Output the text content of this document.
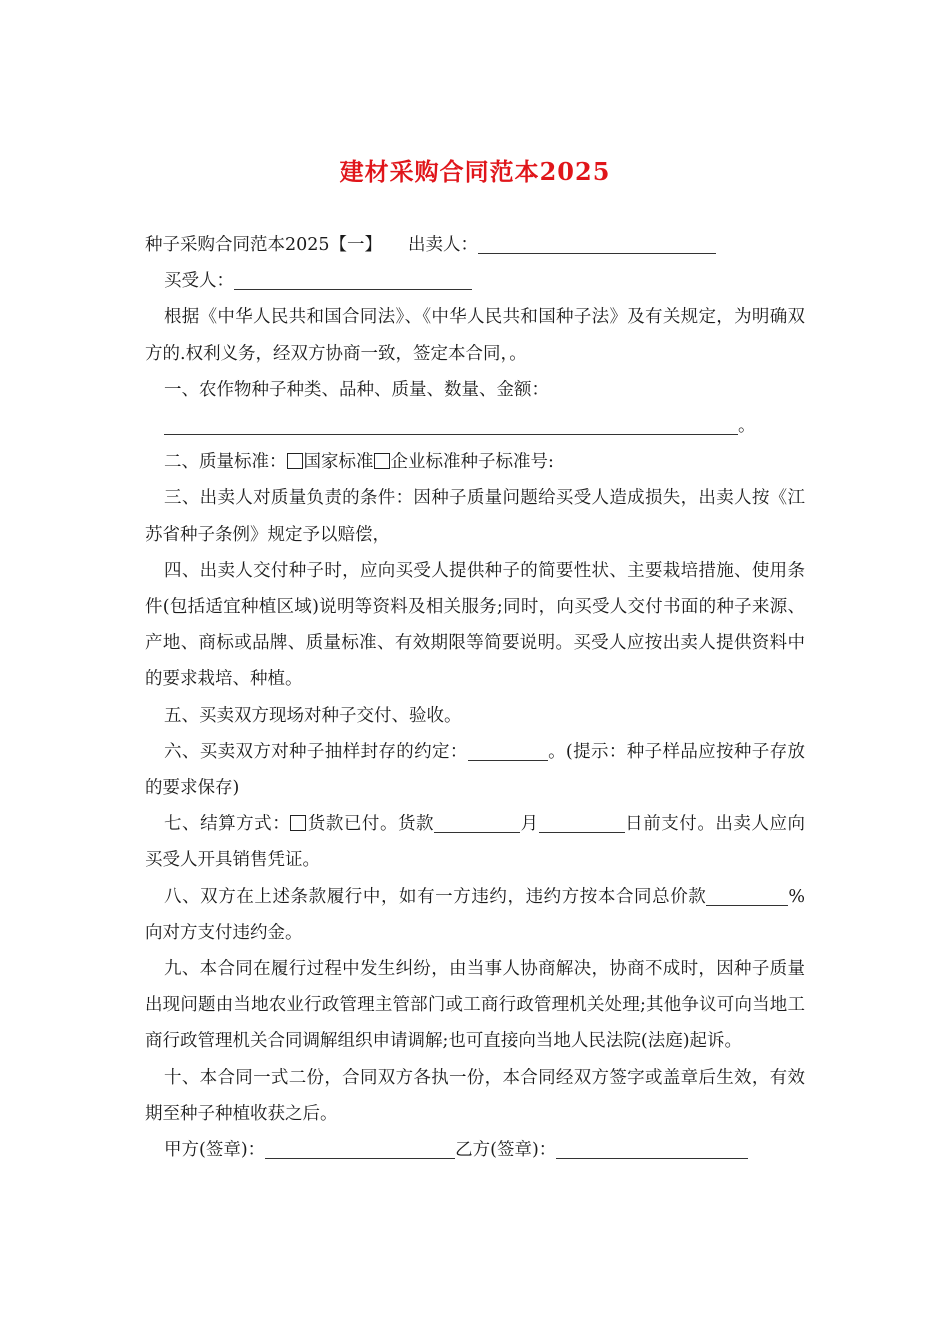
建材采购合同范本2025

种子采购合同范本2025【一】 出卖人：

买受人：

根据《中华人民共和国合同法》、《中华人民共和国种子法》及有关规定，为明确双方的.权利义务，经双方协商一致，签定本合同，。

一、农作物种子种类、品种、质量、数量、金额：

。

二、质量标准： 国家标准 企业标准种子标准号:

三、出卖人对质量负责的条件：因种子质量问题给买受人造成损失，出卖人按《江苏省种子条例》规定予以赔偿，

四、出卖人交付种子时，应向买受人提供种子的简要性状、主要栽培措施、使用条件(包括适宜种植区域)说明等资料及相关服务;同时，向买受人交付书面的种子来源、产地、商标或品牌、质量标准、有效期限等简要说明。买受人应按出卖人提供资料中的要求栽培、种植。

五、买卖双方现场对种子交付、验收。

六、买卖双方对种子抽样封存的约定：	。(提示：种子样品应按种子存放的要求保存)

七、结算方式： 货款已付。货款	月	日前支付。出卖人应向买受人开具销售凭证。

八、双方在上述条款履行中，如有一方违约，违约方按本合同总价款	%向对方支付违约金。

九、本合同在履行过程中发生纠纷，由当事人协商解决，协商不成时，因种子质量出现问题由当地农业行政管理主管部门或工商行政管理机关处理;其他争议可向当地工商行政管理机关合同调解组织申请调解;也可直接向当地人民法院(法庭)起诉。

十、本合同一式二份，合同双方各执一份，本合同经双方签字或盖章后生效，有效期至种子种植收获之后。

甲方(签章)：	乙方(签章)：
